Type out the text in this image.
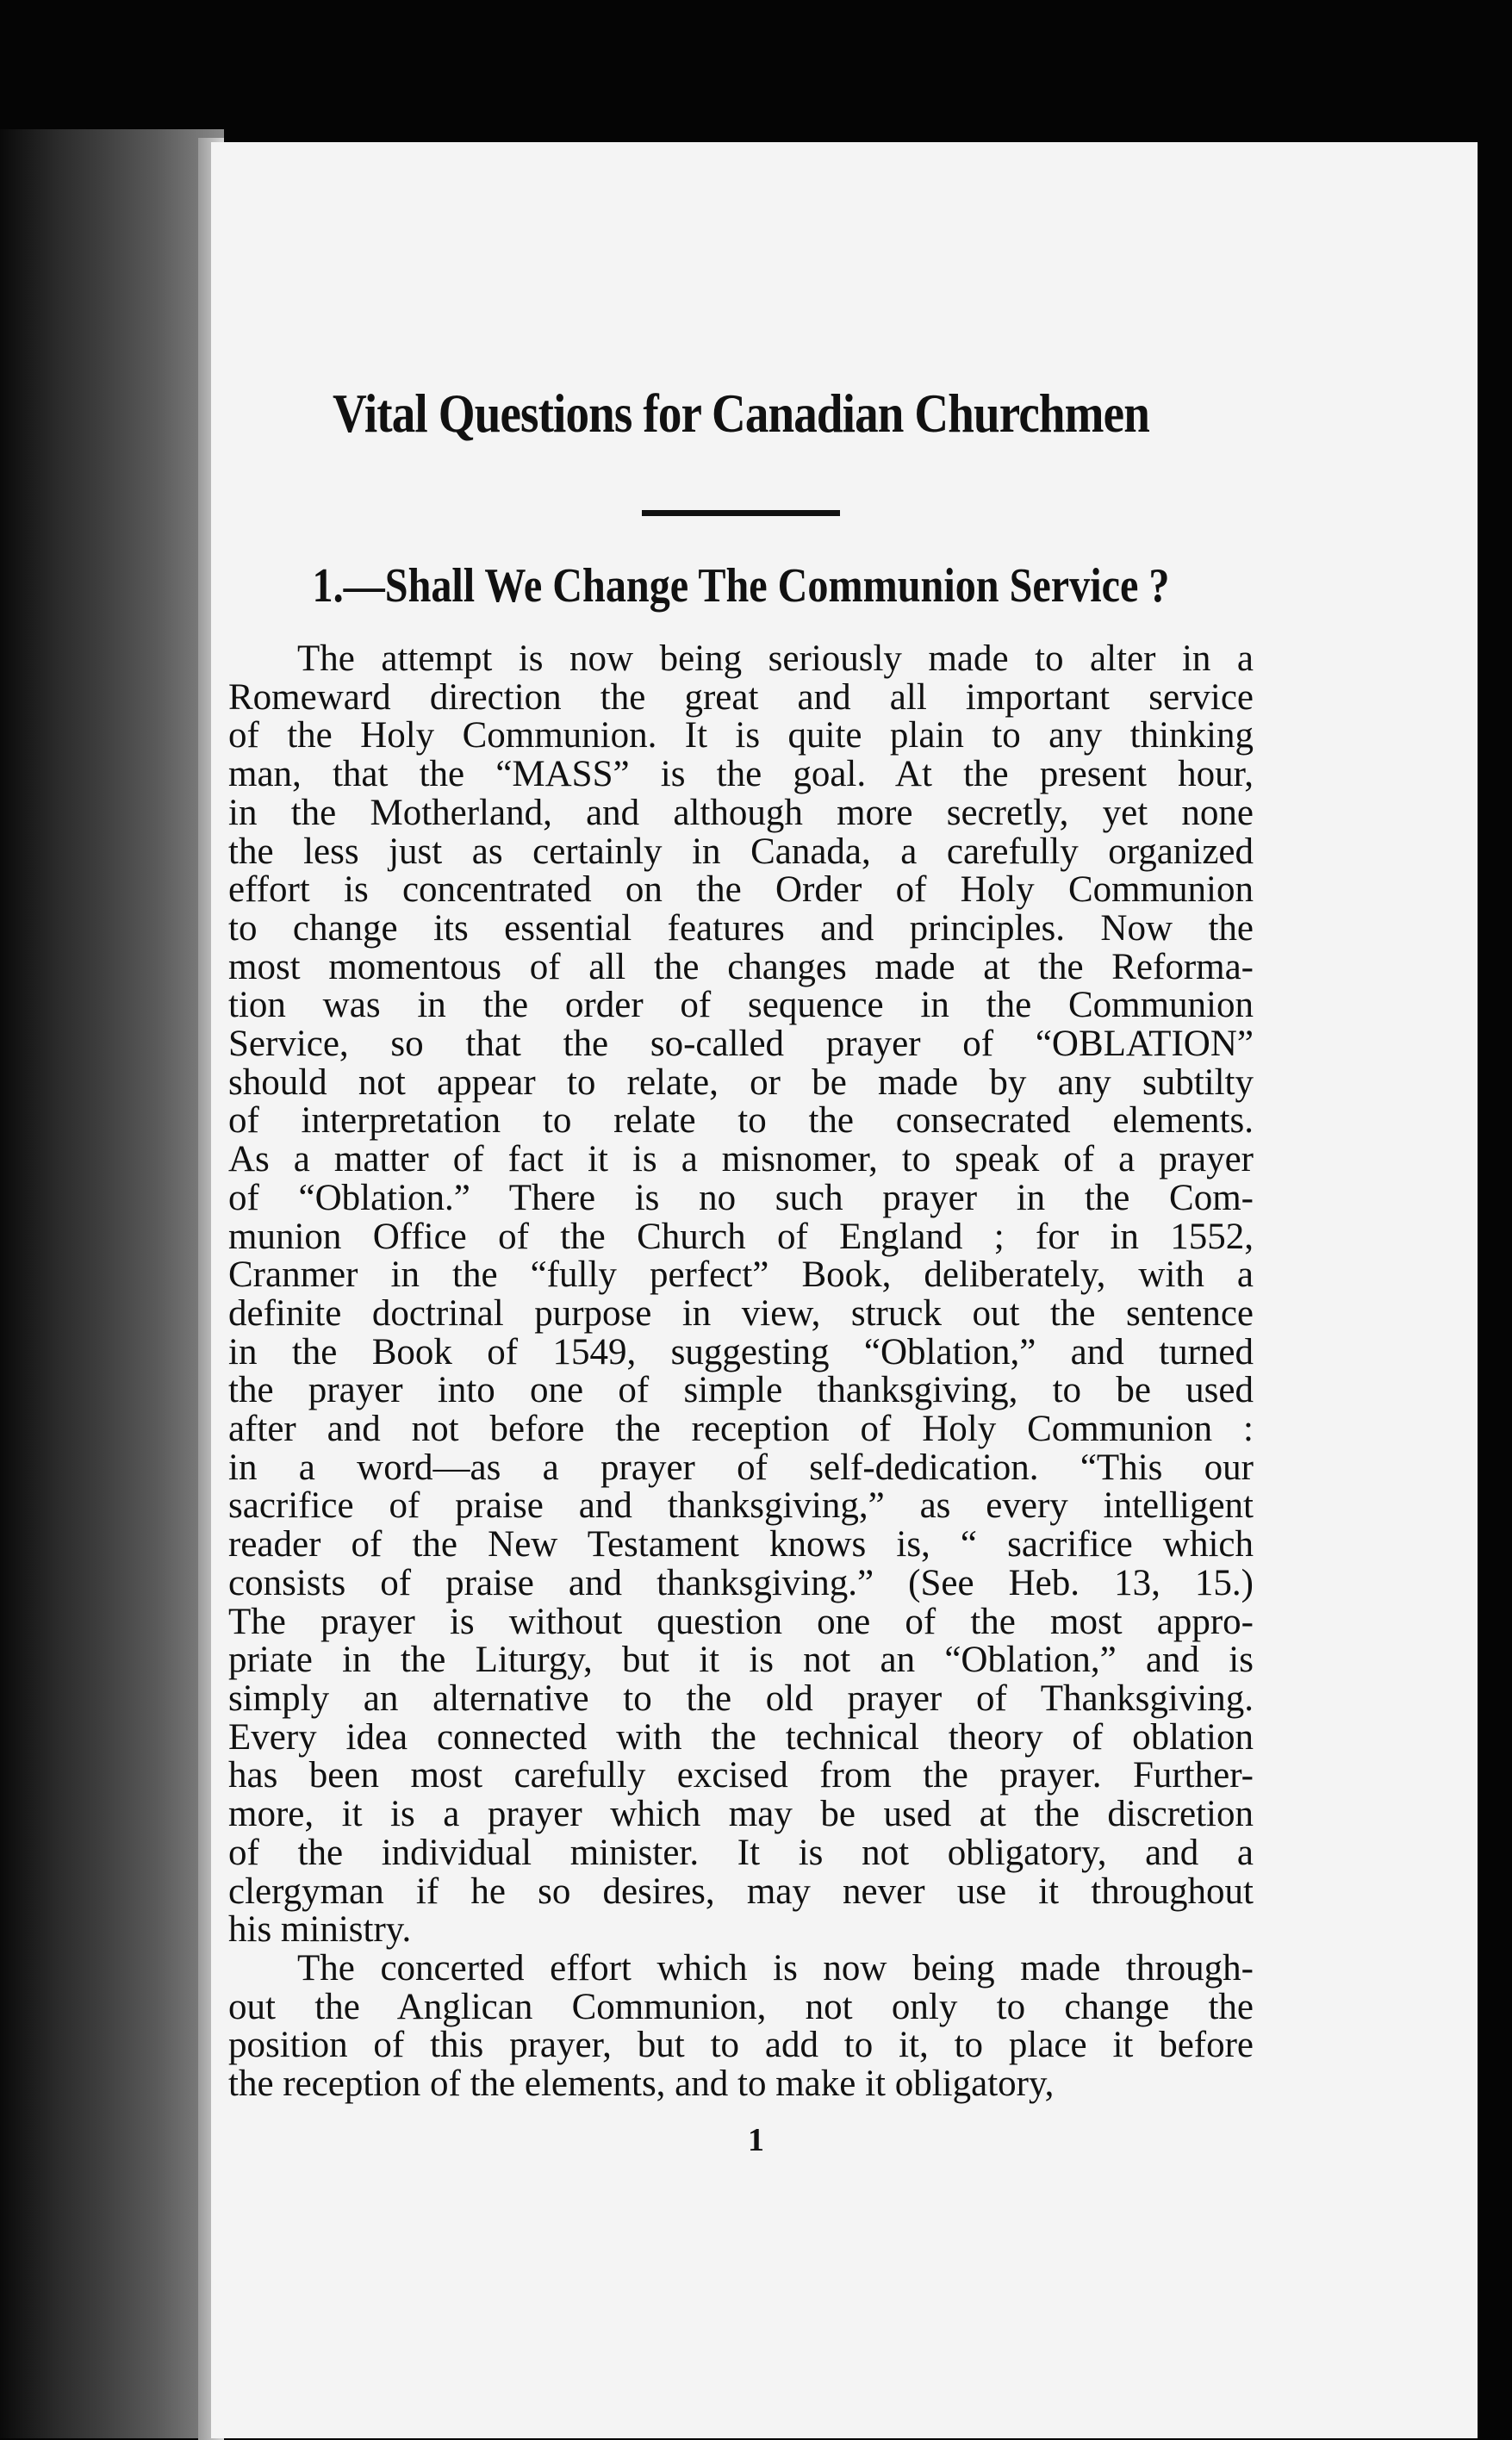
Vital Questions for Canadian Churchmen
1.—Shall We Change The Communion Service ?
The attempt is now being seriously made to alter in a
Romeward direction the great and all important service
of the Holy Communion. It is quite plain to any thinking
man, that the “MASS” is the goal. At the present hour,
in the Motherland, and although more secretly, yet none
the less just as certainly in Canada, a carefully organized
effort is concentrated on the Order of Holy Communion
to change its essential features and principles. Now the
most momentous of all the changes made at the Reforma-
tion was in the order of sequence in the Communion
Service, so that the so-called prayer of “OBLATION”
should not appear to relate, or be made by any subtilty
of interpretation to relate to the consecrated elements.
As a matter of fact it is a misnomer, to speak of a prayer
of “Oblation.” There is no such prayer in the Com-
munion Office of the Church of England ; for in 1552,
Cranmer in the “fully perfect” Book, deliberately, with a
definite doctrinal purpose in view, struck out the sentence
in the Book of 1549, suggesting “Oblation,” and turned
the prayer into one of simple thanksgiving, to be used
after and not before the reception of Holy Communion :
in a word—as a prayer of self-dedication. “This our
sacrifice of praise and thanksgiving,” as every intelligent
reader of the New Testament knows is, “ sacrifice which
consists of praise and thanksgiving.” (See Heb. 13, 15.)
The prayer is without question one of the most appro-
priate in the Liturgy, but it is not an “Oblation,” and is
simply an alternative to the old prayer of Thanksgiving.
Every idea connected with the technical theory of oblation
has been most carefully excised from the prayer. Further-
more, it is a prayer which may be used at the discretion
of the individual minister. It is not obligatory, and a
clergyman if he so desires, may never use it throughout
his ministry.
The concerted effort which is now being made through-
out the Anglican Communion, not only to change the
position of this prayer, but to add to it, to place it before
the reception of the elements, and to make it obligatory,
1
